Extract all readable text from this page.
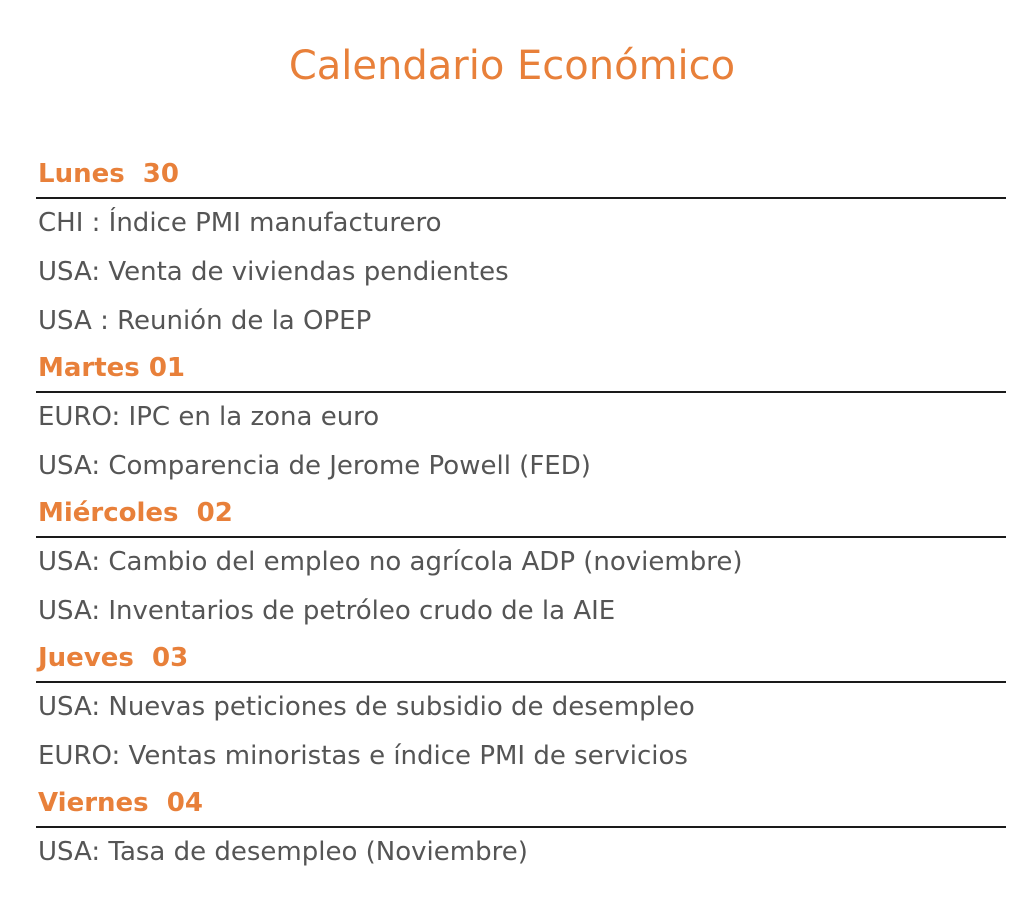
Calendario Económico
Lunes  30
CHI : Índice PMI manufacturero
USA: Venta de viviendas pendientes
USA : Reunión de la OPEP
Martes 01
EURO: IPC en la zona euro
USA: Comparencia de Jerome Powell (FED)
Miércoles  02
USA: Cambio del empleo no agrícola ADP (noviembre)
USA: Inventarios de petróleo crudo de la AIE
Jueves  03
USA: Nuevas peticiones de subsidio de desempleo
EURO: Ventas minoristas e índice PMI de servicios
Viernes  04
USA: Tasa de desempleo (Noviembre)
